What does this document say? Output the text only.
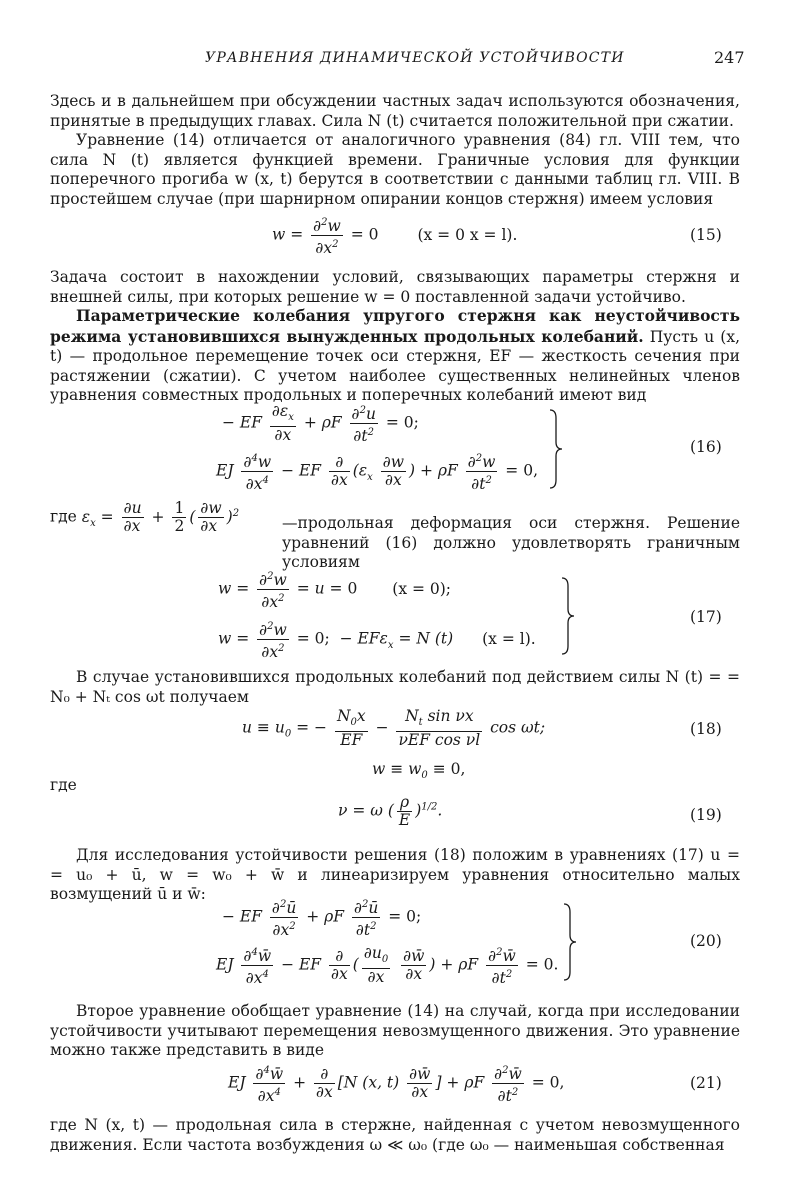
УРАВНЕНИЯ ДИНАМИЧЕСКОЙ УСТОЙЧИВОСТИ	247
Здесь и в дальнейшем при обсуждении частных задач используются обозначения, принятые в предыдущих главах. Сила N (t) считается положительной при сжатии.
Уравнение (14) отличается от аналогичного уравнения (84) гл. VIII тем, что сила N (t) является функцией времени. Граничные условия для функции поперечного прогиба w (x, t) берутся в соответствии с данными таблиц гл. VIII. В простейшем случае (при шарнирном опирании концов стержня) имеем условия
$w = \frac{\partial^2w}{\partial x^2} = 0$	(x = 0 x = l).	(15)
Задача состоит в нахождении условий, связывающих параметры стержня и внешней силы, при которых решение w = 0 поставленной задачи устойчиво.
Параметрические колебания упругого стержня как неустойчивость режима установившихся вынужденных продольных колебаний. Пусть u (x, t) — продольное перемещение точек оси стержня, EF — жесткость сечения при растяжении (сжатии). С учетом наиболее существенных нелинейных членов уравнения совместных продольных и поперечных колебаний имеют вид
− EF $\frac{\partial\varepsilon_x}{\partial x} + \rho F \frac{\partial^2u}{\partial t^2} = 0$;
EJ $\frac{\partial^4w}{\partial x^4}$ − EF $\frac{\partial}{\partial x} (\varepsilon_x \frac{\partial w}{\partial x}$ ) + ρF $\frac{\partial^2w}{\partial t^2} = 0$,
(16)
где $\varepsilon_x = \frac{\partial u}{\partial x} + \frac{1}{2}$ ( $\frac{\partial w}{\partial x} )^2$
—продольная деформация оси стержня. Решение уравнений (16) должно удовлетворять граничным условиям
$w = \frac{\partial^2w}{\partial x^2} = u = 0$ (x = 0);
$w = \frac{\partial^2w}{\partial x^2} = 0$;  − EFε$_x$ = N (t) (x = l).
(17)
В случае установившихся продольных колебаний под действием силы N (t) = = N₀ + Nₜ cos ωt получаем
$u \equiv u_0$ = − $\frac{N_0x}{EF} - \frac{N_t \sin \nu x}{\text{νEF cos νl}}$ cos ωt;	(18)
$w \equiv w_0 \equiv 0$,
где
ν = ω ( $\frac{\rho}{E} )^{1/2}$.	(19)
Для исследования устойчивости решения (18) положим в уравнениях (17) u = = u₀ + ū, w = w₀ + w̄ и линеаризируем уравнения относительно малых возмущений ū и w̄:
− EF $\frac{\partial^2ū}{\partial x^2} + \rho F \frac{\partial^2ū}{\partial t^2} = 0$;
EJ $\frac{\partial^4w̄}{\partial x^4}$ − EF $\frac{\partial}{\partial x}$ ( $\frac{\partial u_0}{\partial x}$
$\frac{\partial w̄}{\partial x}$ ) + ρF $\frac{\partial^2w̄}{\partial t^2} = 0$.
(20)
Второе уравнение обобщает уравнение (14) на случай, когда при исследовании устойчивости учитывают перемещения невозмущенного движения. Это уравнение можно также представить в виде
EJ $\frac{\partial^4w̄}{\partial x^4} + \frac{\partial}{\partial x} [N$ (x, $t) \frac{\partial w̄}{\partial x}$ ] + ρF $\frac{\partial^2w̄}{\partial t^2} = 0$,	(21)
где N (x, t) — продольная сила в стержне, найденная с учетом невозмущенного движения. Если частота возбуждения ω ≪ ω₀ (где ω₀ — наименьшая собственная
